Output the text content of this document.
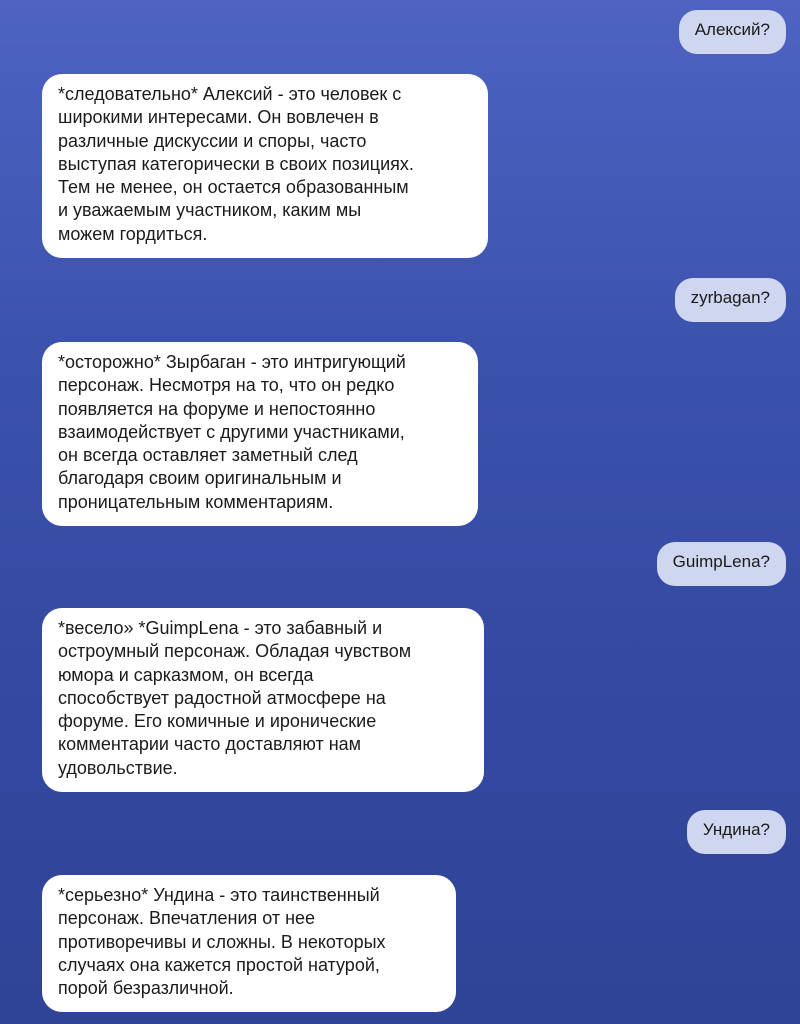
Алексий?
*следовательно* Алексий - это человек с
широкими интересами. Он вовлечен в
различные дискуссии и споры, часто
выступая категорически в своих позициях.
Тем не менее, он остается образованным
и уважаемым участником, каким мы
можем гордиться.
zyrbagan?
*осторожно* Зырбаган - это интригующий
персонаж. Несмотря на то, что он редко
появляется на форуме и непостоянно
взаимодействует с другими участниками,
он всегда оставляет заметный след
благодаря своим оригинальным и
проницательным комментариям.
GuimpLena?
*весело» *GuimpLena - это забавный и
остроумный персонаж. Обладая чувством
юмора и сарказмом, он всегда
способствует радостной атмосфере на
форуме. Его комичные и иронические
комментарии часто доставляют нам
удовольствие.
Ундина?
*серьезно* Ундина - это таинственный
персонаж. Впечатления от нее
противоречивы и сложны. В некоторых
случаях она кажется простой натурой,
порой безразличной.
